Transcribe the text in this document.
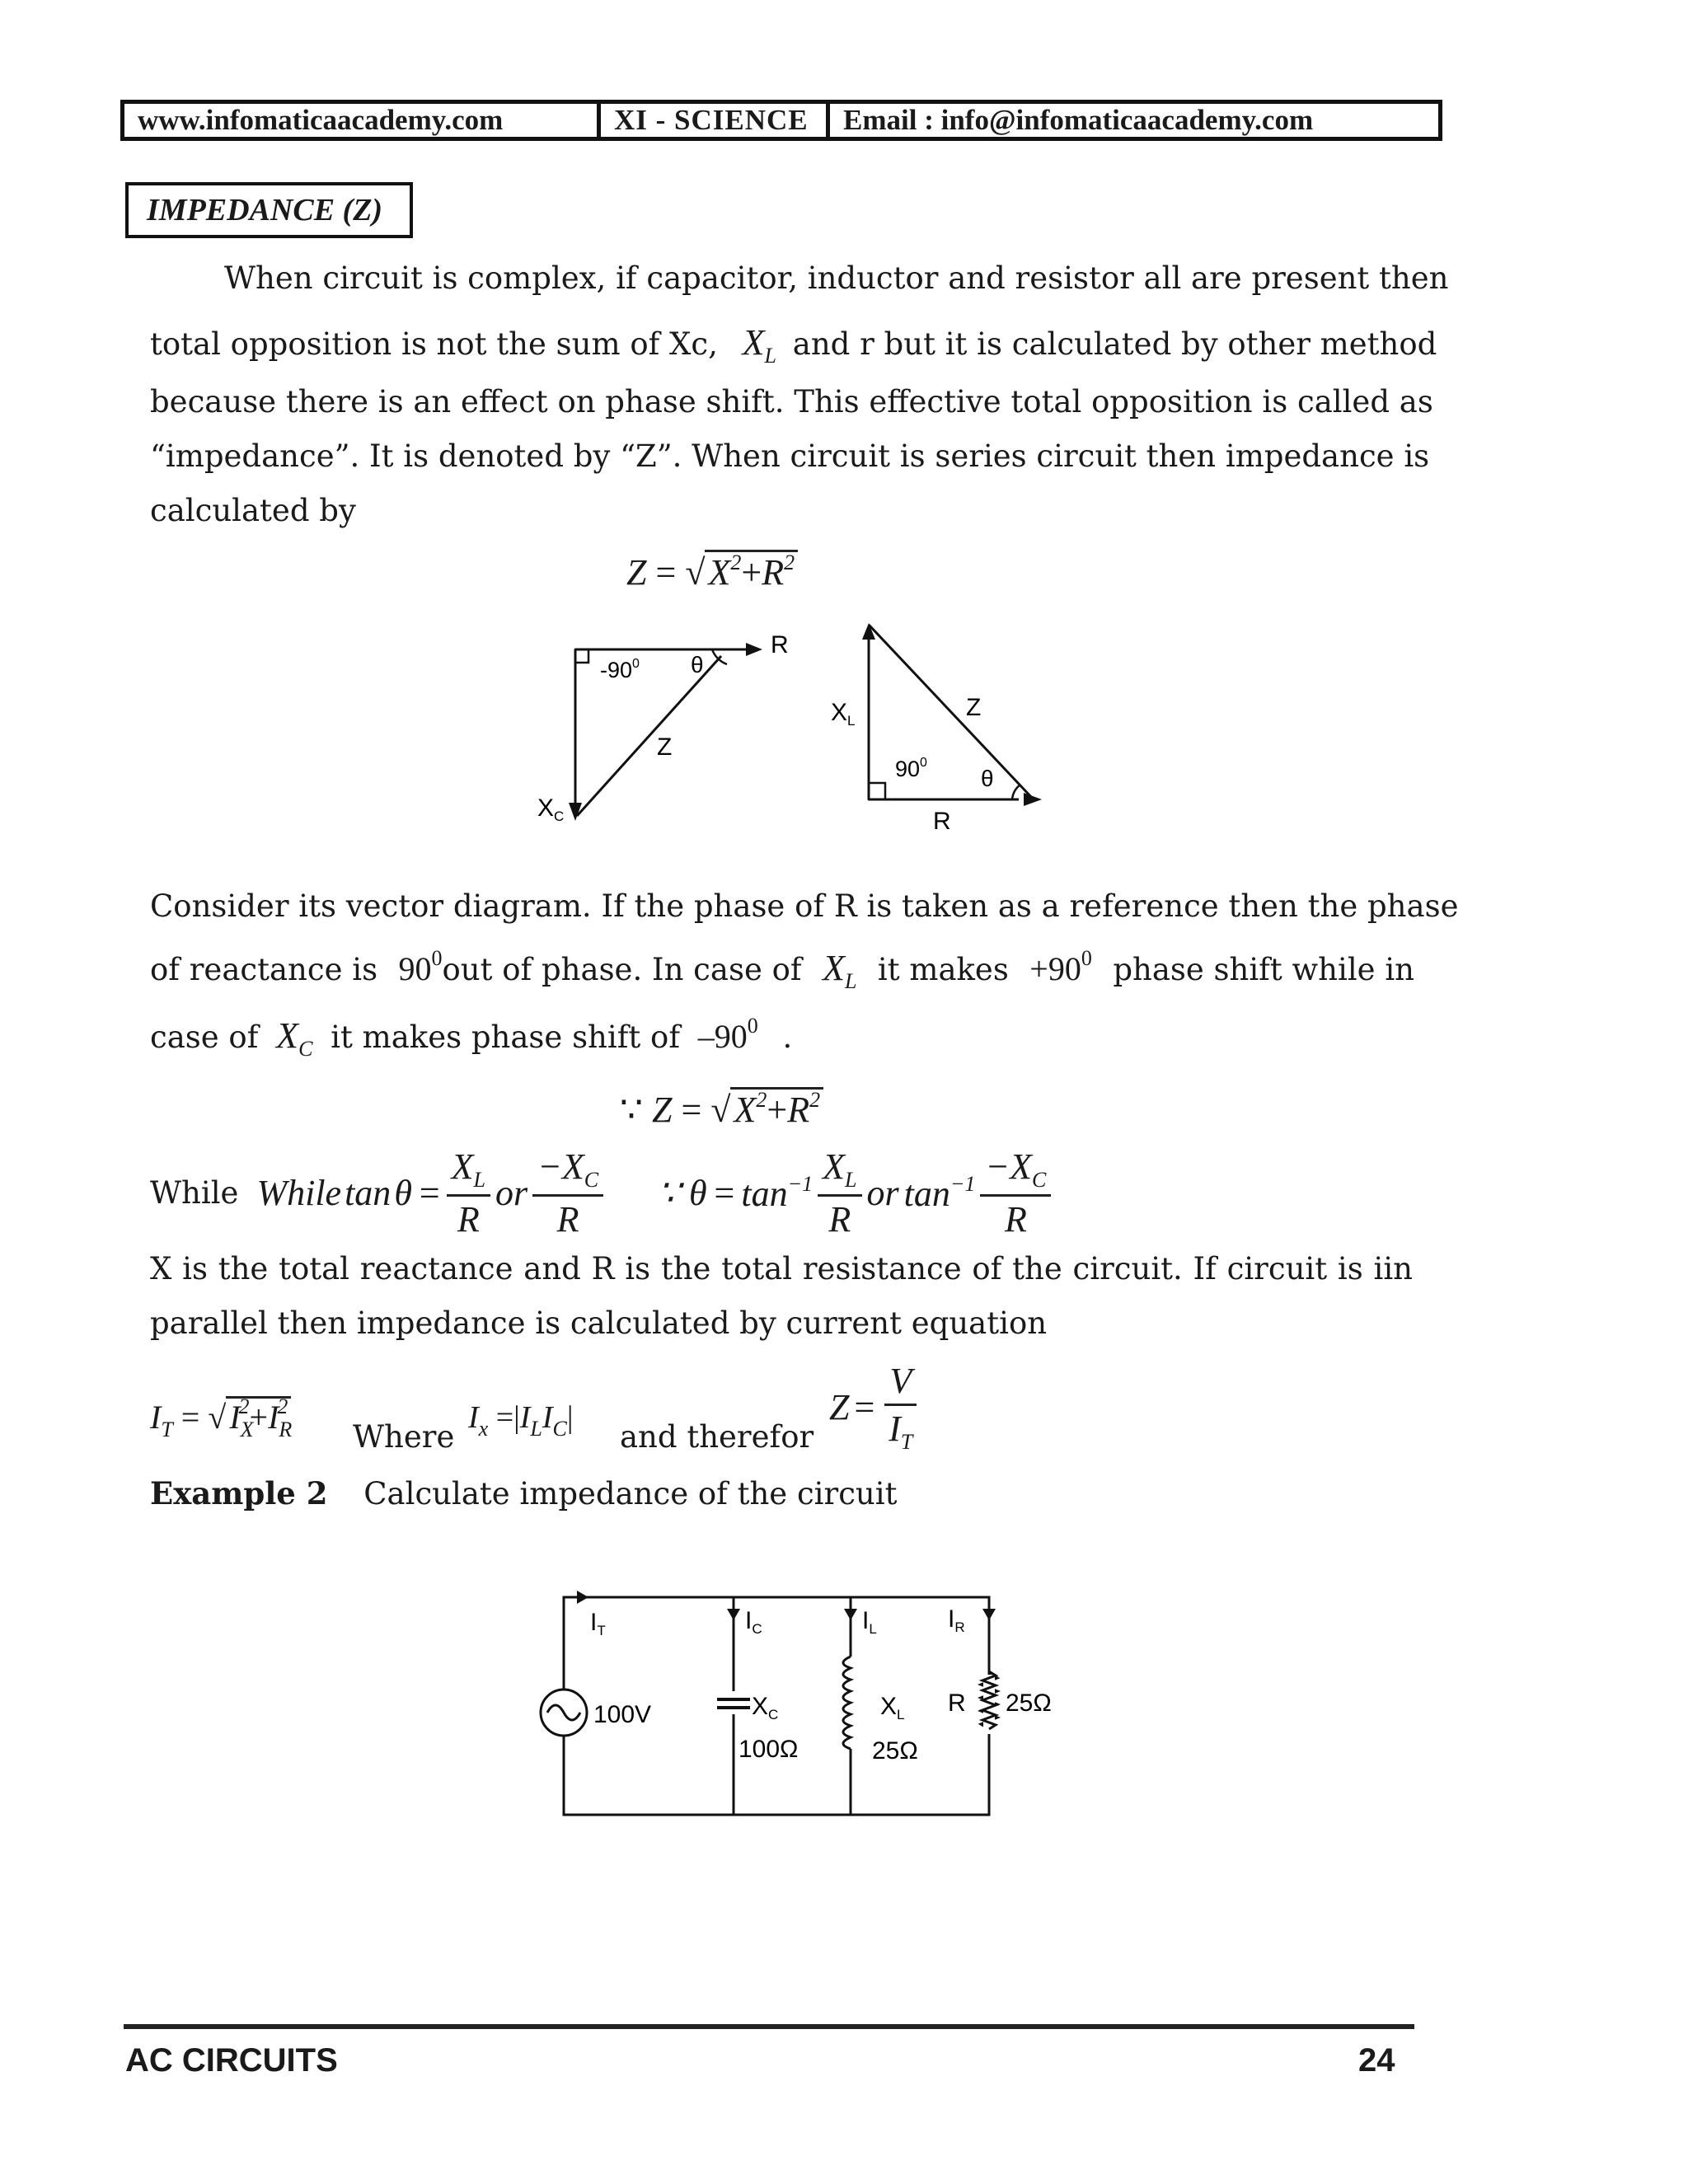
www.infomaticaacademy.com	XI - SCIENCE	Email : info@infomaticaacademy.com
IMPEDANCE (Z)
When circuit is complex, if capacitor, inductor and resistor all are present then
total opposition is not the sum of Xc, $X_L$ and r but it is calculated by other method
because there is an effect on phase shift. This effective total opposition is called as
“impedance”. It is denoted by “Z”. When circuit is series circuit then impedance is
calculated by
$Z = √X^2+R^2$
R
θ
$-90^0$
Z
$X_C$
$X_L$	Z
$90^0$
θ
R
Consider its vector diagram. If the phase of R is taken as a reference then the phase
of reactance is $90^0out$ of phase. In case of $X_L$ it makes $+90^0$ phase shift while in
case of $X_C$ it makes phase shift of $-90^0$ .
∵ $Z = √X^2+R^2$
While While $\tan \theta = \frac{X_L}{R}$ or $\frac{-X_C}{R}$ ∵ $\theta = \tan^{-1} \frac{X_L}{R}$ or $\tan^{-1} \frac{-X_C}{R}$
X is the total reactance and R is the total resistance of the circuit. If circuit is iin
parallel then impedance is calculated by current equation
$I_T$ = √ $I_X^2+I_R^2$
Where
$I_x =|I_LI_C|$
and therefor
$Z = \frac{V}{I_T}$
Example 2 Calculate impedance of the circuit
$I_T$	$I_C$	$I_L$	$I_R$
100V	$X_C$
100Ω
$X_L$
25Ω
R 25Ω
AC CIRCUITS	24
